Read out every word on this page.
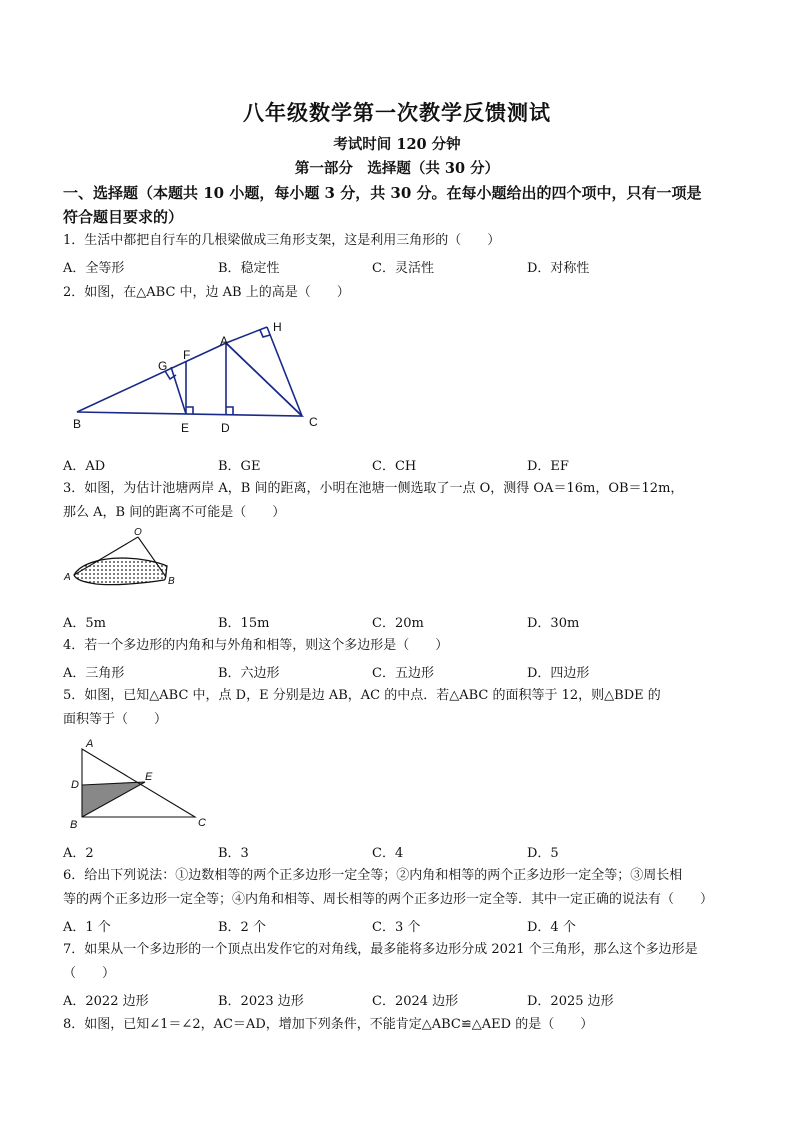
八年级数学第一次教学反馈测试
考试时间 120 分钟
第一部分　选择题（共 30 分）
一、选择题（本题共 10 小题，每小题 3 分，共 30 分。在每小题给出的四个项中，只有一项是
符合题目要求的）
1．生活中都把自行车的几根梁做成三角形支架，这是利用三角形的（　　）
A．全等形	B．稳定性	C．灵活性	D．对称性
2．如图，在△ABC 中，边 AB 上的高是（　　）
B	E	D	C
G
F
A
H
A．AD	B．GE	C．CH	D．EF
3．如图，为估计池塘两岸 A，B 间的距离，小明在池塘一侧选取了一点 O，测得 OA＝16m，OB＝12m，
那么 A，B 间的距离不可能是（　　）
O
A	B
A．5m	B．15m	C．20m	D．30m
4．若一个多边形的内角和与外角和相等，则这个多边形是（　　）
A．三角形	B．六边形	C．五边形	D．四边形
5．如图，已知△ABC 中，点 D，E 分别是边 AB，AC 的中点．若△ABC 的面积等于 12，则△BDE 的
面积等于（　　）
A
D
E
B	C
A．2	B．3	C．4	D．5
6．给出下列说法：①边数相等的两个正多边形一定全等；②内角和相等的两个正多边形一定全等；③周长相
等的两个正多边形一定全等；④内角和相等、周长相等的两个正多边形一定全等．其中一定正确的说法有（　　）
A．1 个	B．2 个	C．3 个	D．4 个
7．如果从一个多边形的一个顶点出发作它的对角线，最多能将多边形分成 2021 个三角形，那么这个多边形是
（　　）
A．2022 边形	B．2023 边形	C．2024 边形	D．2025 边形
8．如图，已知∠1＝∠2，AC＝AD，增加下列条件，不能肯定△ABC≌△AED 的是（　　）
